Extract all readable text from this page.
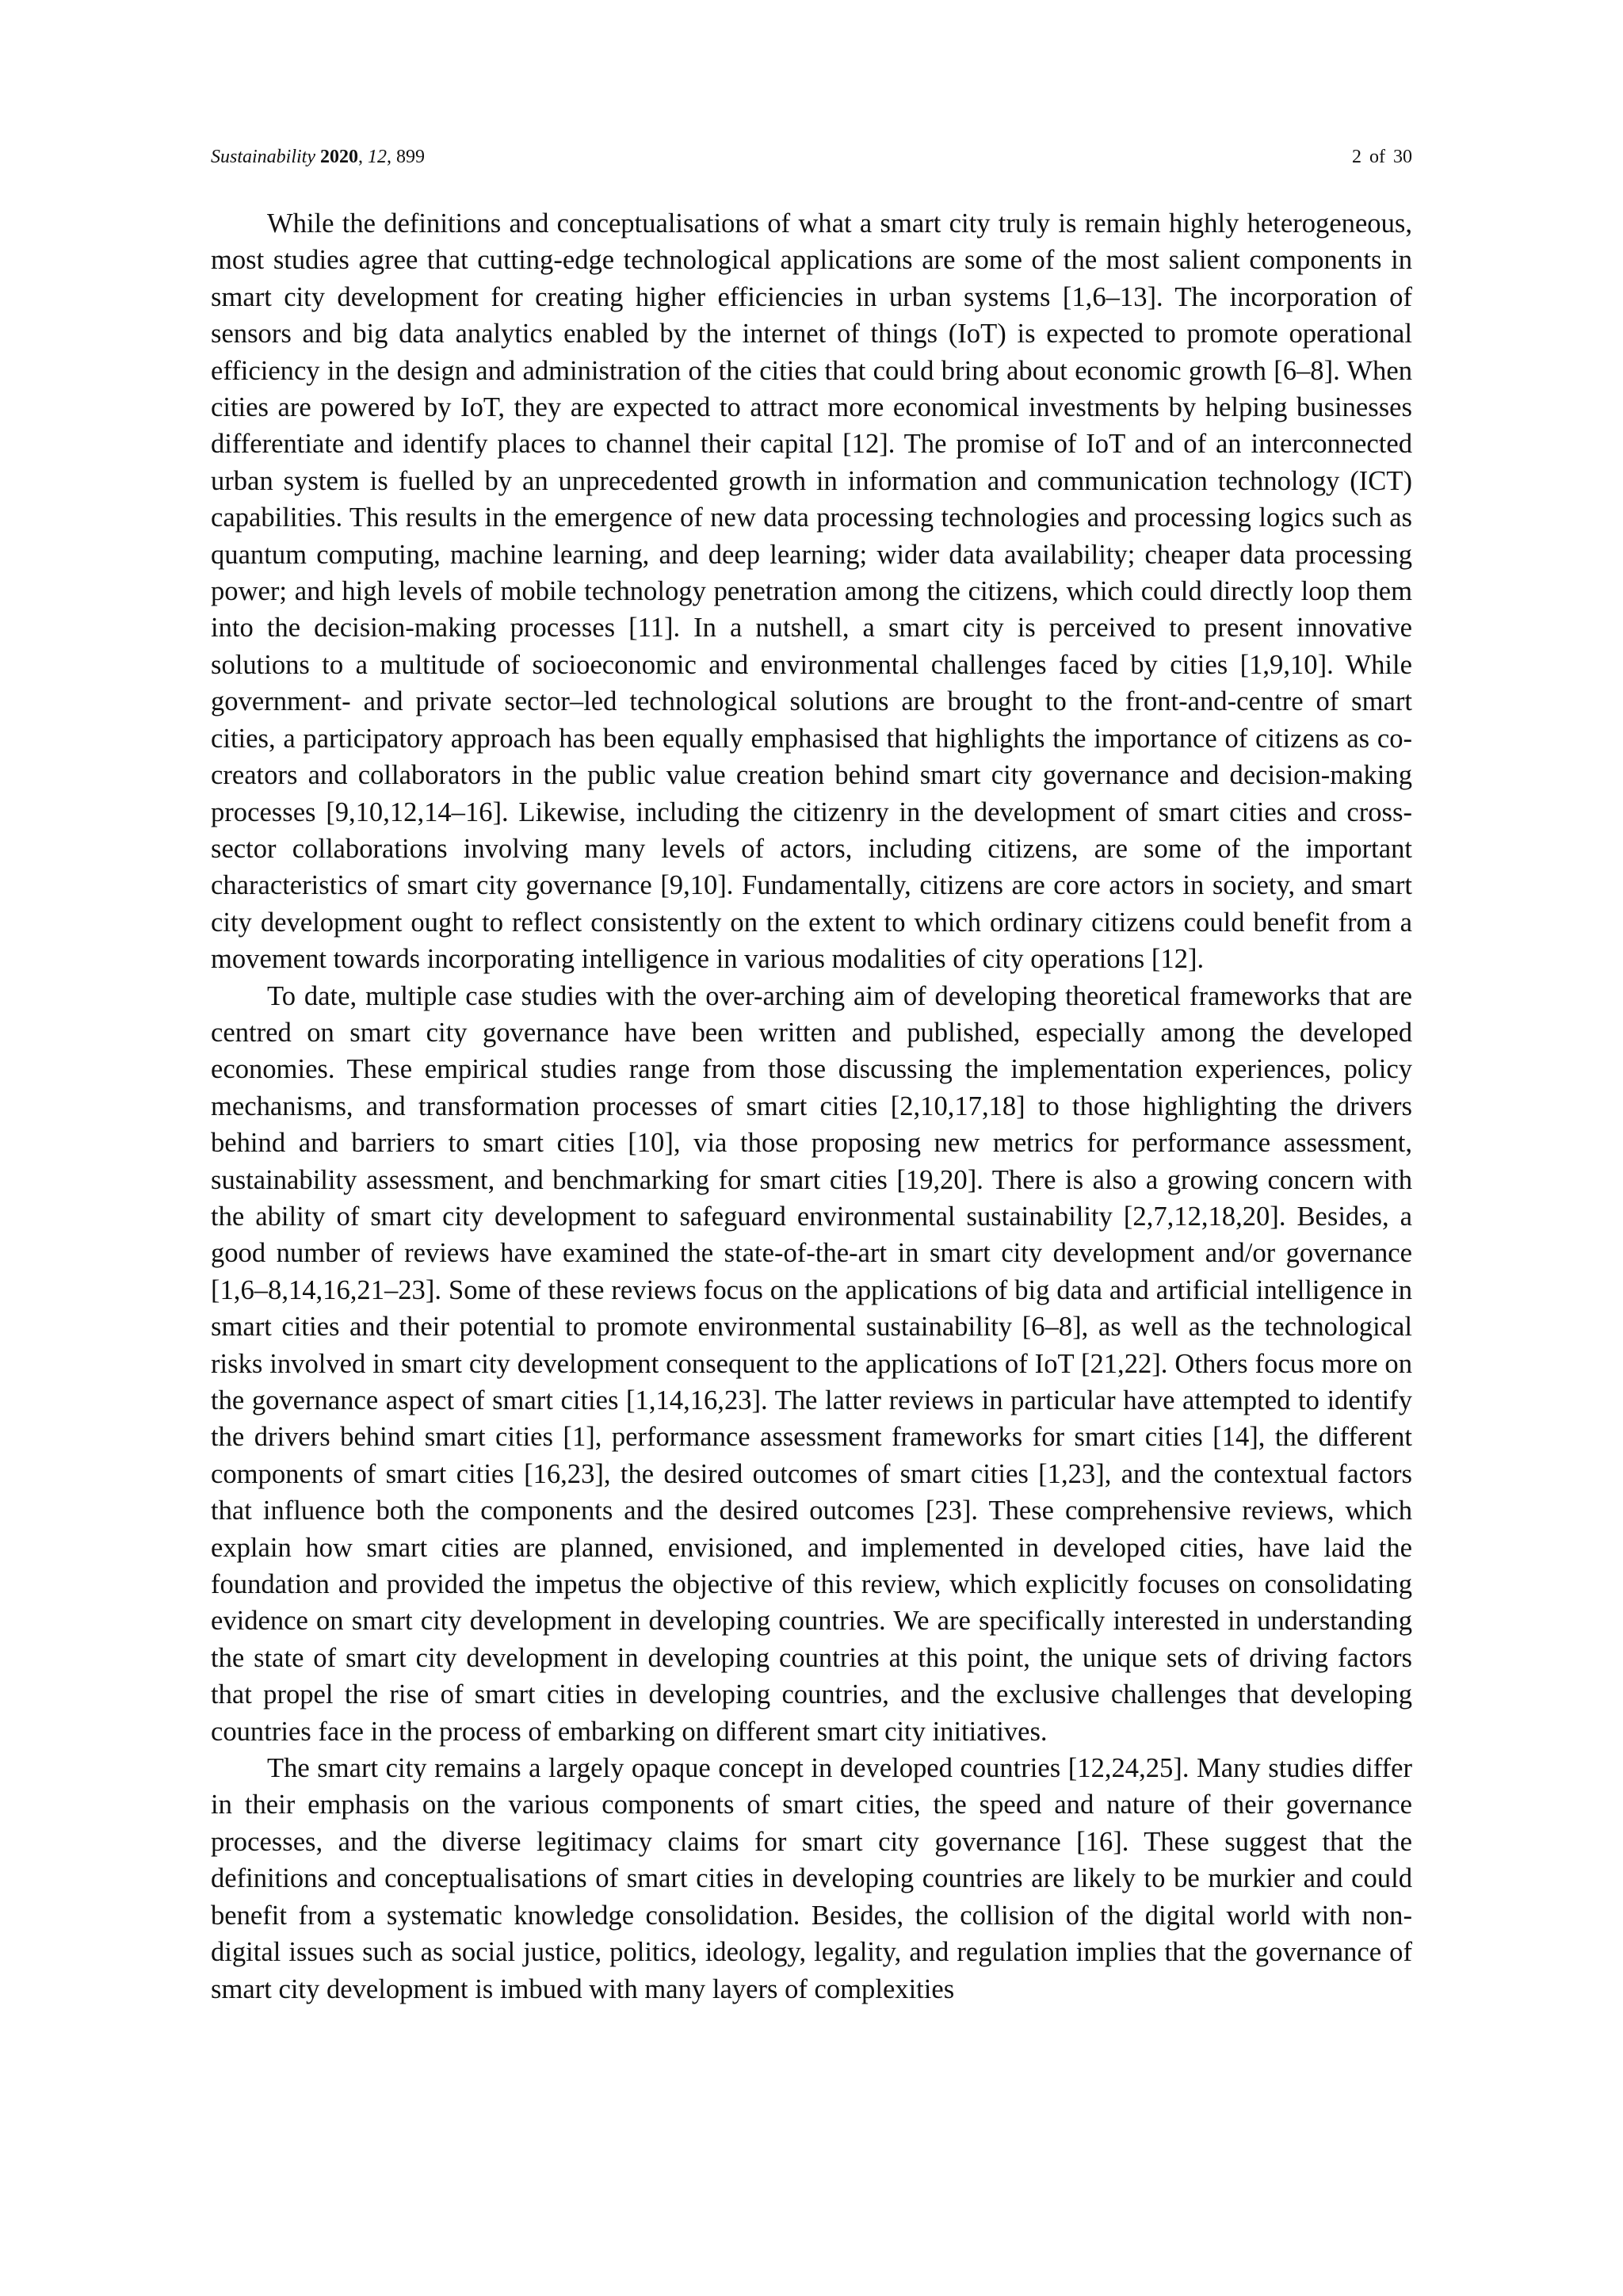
Sustainability 2020, 12, 899	2 of 30

While the definitions and conceptualisations of what a smart city truly is remain highly heterogeneous, most studies agree that cutting-edge technological applications are some of the most salient components in smart city development for creating higher efficiencies in urban systems [1,6–13]. The incorporation of sensors and big data analytics enabled by the internet of things (IoT) is expected to promote operational efficiency in the design and administration of the cities that could bring about economic growth [6–8]. When cities are powered by IoT, they are expected to attract more economical investments by helping businesses differentiate and identify places to channel their capital [12]. The promise of IoT and of an interconnected urban system is fuelled by an unprecedented growth in information and communication technology (ICT) capabilities. This results in the emergence of new data processing technologies and processing logics such as quantum computing, machine learning, and deep learning; wider data availability; cheaper data processing power; and high levels of mobile technology penetration among the citizens, which could directly loop them into the decision-making processes [11]. In a nutshell, a smart city is perceived to present innovative solutions to a multitude of socioeconomic and environmental challenges faced by cities [1,9,10]. While government- and private sector–led technological solutions are brought to the front-and-centre of smart cities, a participatory approach has been equally emphasised that highlights the importance of citizens as co-creators and collaborators in the public value creation behind smart city governance and decision-making processes [9,10,12,14–16]. Likewise, including the citizenry in the development of smart cities and cross-sector collaborations involving many levels of actors, including citizens, are some of the important characteristics of smart city governance [9,10]. Fundamentally, citizens are core actors in society, and smart city development ought to reflect consistently on the extent to which ordinary citizens could benefit from a movement towards incorporating intelligence in various modalities of city operations [12].

To date, multiple case studies with the over-arching aim of developing theoretical frameworks that are centred on smart city governance have been written and published, especially among the developed economies. These empirical studies range from those discussing the implementation experiences, policy mechanisms, and transformation processes of smart cities [2,10,17,18] to those highlighting the drivers behind and barriers to smart cities [10], via those proposing new metrics for performance assessment, sustainability assessment, and benchmarking for smart cities [19,20]. There is also a growing concern with the ability of smart city development to safeguard environmental sustainability [2,7,12,18,20]. Besides, a good number of reviews have examined the state-of-the-art in smart city development and/or governance [1,6–8,14,16,21–23]. Some of these reviews focus on the applications of big data and artificial intelligence in smart cities and their potential to promote environmental sustainability [6–8], as well as the technological risks involved in smart city development consequent to the applications of IoT [21,22]. Others focus more on the governance aspect of smart cities [1,14,16,23]. The latter reviews in particular have attempted to identify the drivers behind smart cities [1], performance assessment frameworks for smart cities [14], the different components of smart cities [16,23], the desired outcomes of smart cities [1,23], and the contextual factors that influence both the components and the desired outcomes [23]. These comprehensive reviews, which explain how smart cities are planned, envisioned, and implemented in developed cities, have laid the foundation and provided the impetus the objective of this review, which explicitly focuses on consolidating evidence on smart city development in developing countries. We are specifically interested in understanding the state of smart city development in developing countries at this point, the unique sets of driving factors that propel the rise of smart cities in developing countries, and the exclusive challenges that developing countries face in the process of embarking on different smart city initiatives.

The smart city remains a largely opaque concept in developed countries [12,24,25]. Many studies differ in their emphasis on the various components of smart cities, the speed and nature of their governance processes, and the diverse legitimacy claims for smart city governance [16]. These suggest that the definitions and conceptualisations of smart cities in developing countries are likely to be murkier and could benefit from a systematic knowledge consolidation. Besides, the collision of the digital world with non-digital issues such as social justice, politics, ideology, legality, and regulation implies that the governance of smart city development is imbued with many layers of complexities
